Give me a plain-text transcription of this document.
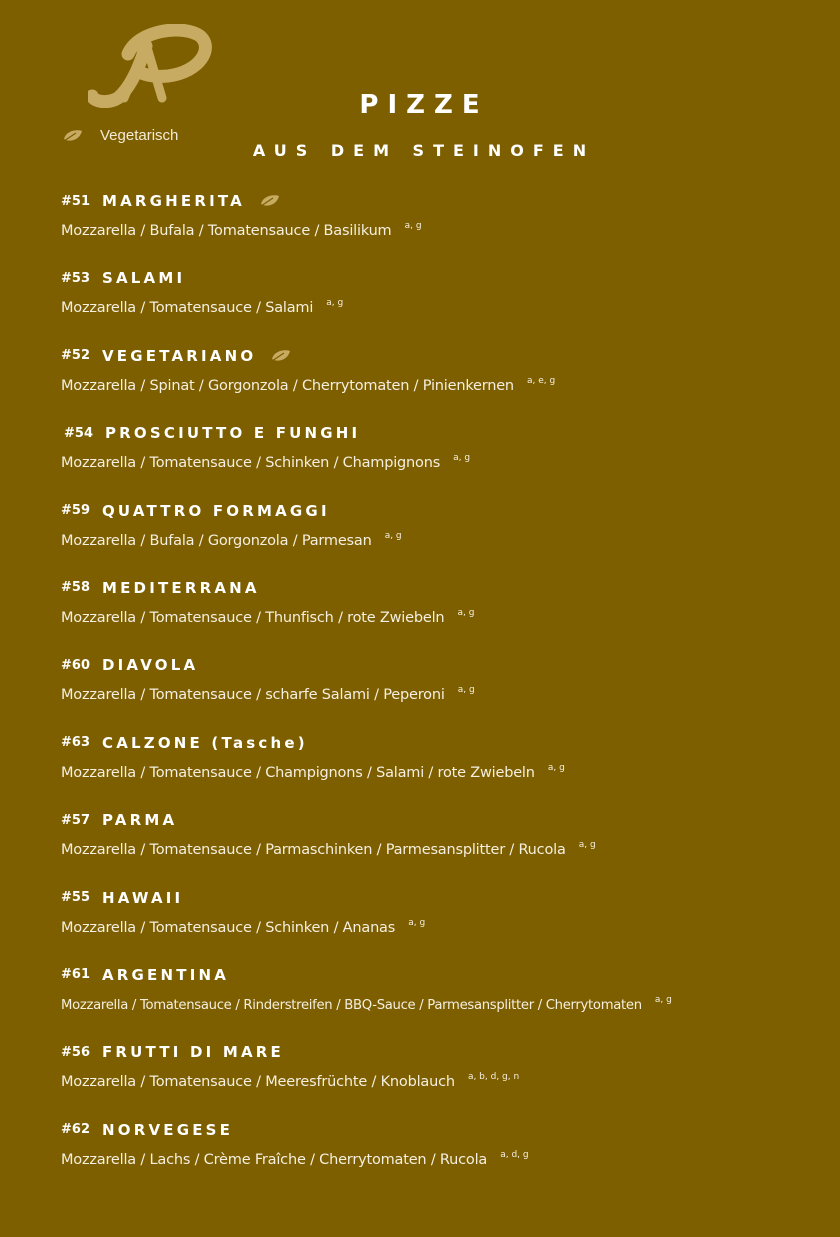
Vegetarisch
PIZZE
AUS DEM STEINOFEN
#51 MARGHERITA
Mozzarella / Bufala / Tomatensauce / Basilikum $^{a, g}$
#53 SALAMI
Mozzarella / Tomatensauce / Salami $^{a, g}$
#52 VEGETARIANO
Mozzarella / Spinat / Gorgonzola / Cherrytomaten / Pinienkernen $^{a, e, g}$
#54 PROSCIUTTO E FUNGHI
Mozzarella / Tomatensauce / Schinken / Champignons $^{a, g}$
#59 QUATTRO FORMAGGI
Mozzarella / Bufala / Gorgonzola / Parmesan $^{a, g}$
#58 MEDITERRANA
Mozzarella / Tomatensauce / Thunfisch / rote Zwiebeln $^{a, g}$
#60 DIAVOLA
Mozzarella / Tomatensauce / scharfe Salami / Peperoni $^{a, g}$
#63 CALZONE (Tasche)
Mozzarella / Tomatensauce / Champignons / Salami / rote Zwiebeln $^{a, g}$
#57 PARMA
Mozzarella / Tomatensauce / Parmaschinken / Parmesansplitter / Rucola $^{a, g}$
#55 HAWAII
Mozzarella / Tomatensauce / Schinken / Ananas $^{a, g}$
#61 ARGENTINA
Mozzarella / Tomatensauce / Rinderstreifen / BBQ-Sauce / Parmesansplitter / Cherrytomaten $^{a, g}$
#56 FRUTTI DI MARE
Mozzarella / Tomatensauce / Meeresfrüchte / Knoblauch $^{a, b, d, g, n}$
#62 NORVEGESE
Mozzarella / Lachs / Crème Fraîche / Cherrytomaten / Rucola $^{a, d, g}$
